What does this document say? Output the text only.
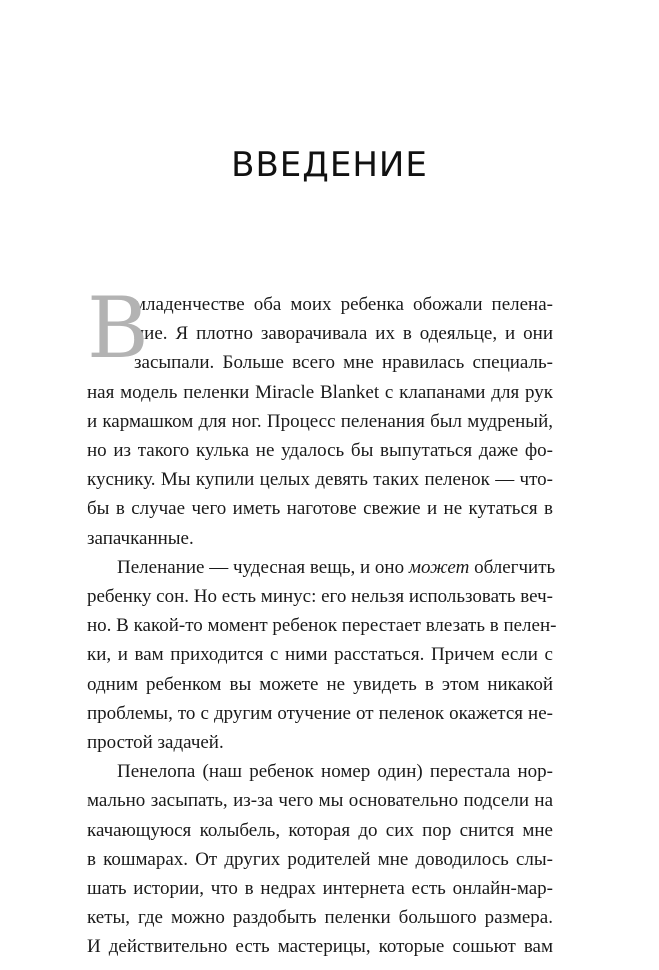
ВВЕДЕНИЕ
В
младенчестве оба моих ребенка обожали пелена-
ние. Я плотно заворачивала их в одеяльце, и они
засыпали. Больше всего мне нравилась специаль-
ная модель пеленки Miracle Blanket с клапанами для рук
и кармашком для ног. Процесс пеленания был мудреный,
но из такого кулька не удалось бы выпутаться даже фо-
куснику. Мы купили целых девять таких пеленок — что-
бы в случае чего иметь наготове свежие и не кутаться в
запачканные.
Пеленание — чудесная вещь, и оно может облегчить
ребенку сон. Но есть минус: его нельзя использовать веч-
но. В какой-то момент ребенок перестает влезать в пелен-
ки, и вам приходится с ними расстаться. Причем если с
одним ребенком вы можете не увидеть в этом никакой
проблемы, то с другим отучение от пеленок окажется не-
простой задачей.
Пенелопа (наш ребенок номер один) перестала нор-
мально засыпать, из-за чего мы основательно подсели на
качающуюся колыбель, которая до сих пор снится мне
в кошмарах. От других родителей мне доводилось слы-
шать истории, что в недрах интернета есть онлайн-мар-
кеты, где можно раздобыть пеленки большого размера.
И действительно есть мастерицы, которые сошьют вам
